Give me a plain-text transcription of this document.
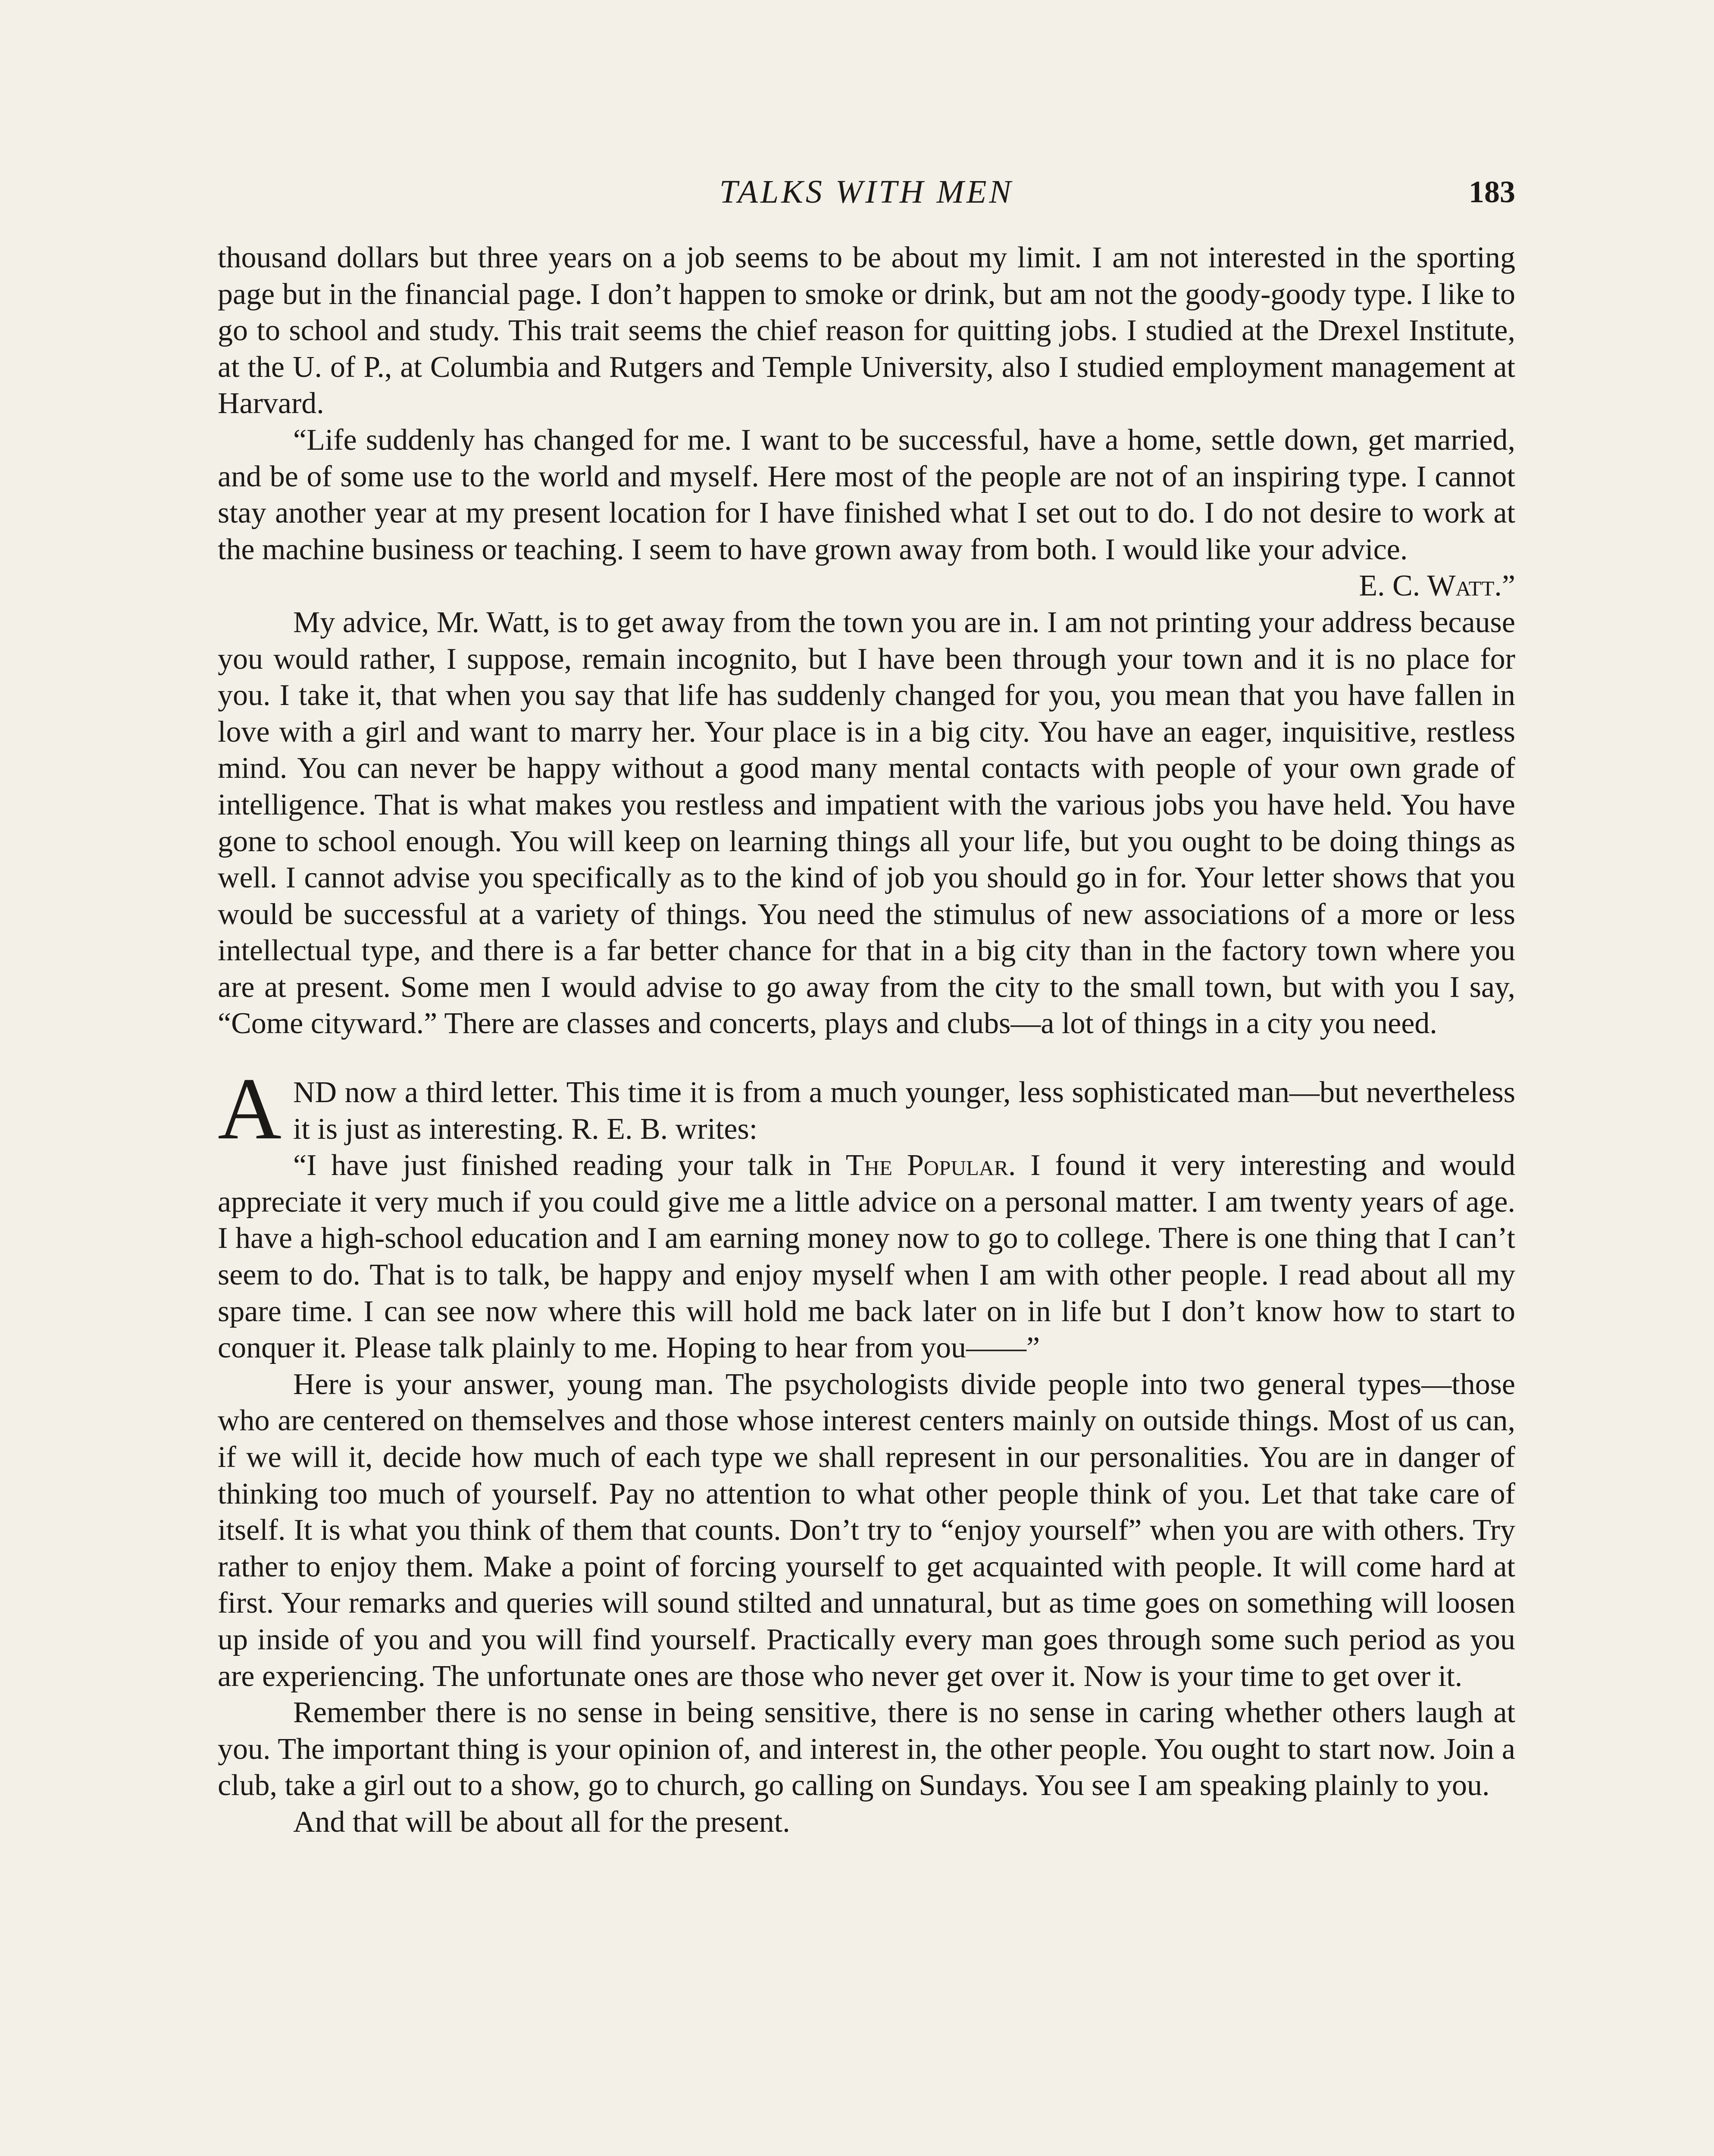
TALKS WITH MEN	183

thousand dollars but three years on a job seems to be about my limit. I am not interested in the sporting page but in the financial page. I don’t happen to smoke or drink, but am not the goody-goody type. I like to go to school and study. This trait seems the chief reason for quitting jobs. I studied at the Drexel Institute, at the U. of P., at Columbia and Rutgers and Temple University, also I studied employment management at Harvard.

“Life suddenly has changed for me. I want to be successful, have a home, settle down, get married, and be of some use to the world and myself. Here most of the people are not of an inspiring type. I cannot stay another year at my present location for I have finished what I set out to do. I do not desire to work at the machine business or teaching. I seem to have grown away from both. I would like your advice.
E. C. Watt.”

My advice, Mr. Watt, is to get away from the town you are in. I am not printing your address because you would rather, I suppose, remain incognito, but I have been through your town and it is no place for you. I take it, that when you say that life has suddenly changed for you, you mean that you have fallen in love with a girl and want to marry her. Your place is in a big city. You have an eager, inquisitive, restless mind. You can never be happy without a good many mental contacts with people of your own grade of intelligence. That is what makes you restless and impatient with the various jobs you have held. You have gone to school enough. You will keep on learning things all your life, but you ought to be doing things as well. I cannot advise you specifically as to the kind of job you should go in for. Your letter shows that you would be successful at a variety of things. You need the stimulus of new associations of a more or less intellectual type, and there is a far better chance for that in a big city than in the factory town where you are at present. Some men I would advise to go away from the city to the small town, but with you I say, “Come cityward.” There are classes and concerts, plays and clubs—a lot of things in a city you need.

A ND now a third letter. This time it is from a much younger, less sophisticated man—but nevertheless it is just as interesting. R. E. B. writes:

“I have just finished reading your talk in The Popular. I found it very interesting and would appreciate it very much if you could give me a little advice on a personal matter. I am twenty years of age. I have a high-school education and I am earning money now to go to college. There is one thing that I can’t seem to do. That is to talk, be happy and enjoy myself when I am with other people. I read about all my spare time. I can see now where this will hold me back later on in life but I don’t know how to start to conquer it. Please talk plainly to me. Hoping to hear from you——”

Here is your answer, young man. The psychologists divide people into two general types—those who are centered on themselves and those whose interest centers mainly on outside things. Most of us can, if we will it, decide how much of each type we shall represent in our personalities. You are in danger of thinking too much of yourself. Pay no attention to what other people think of you. Let that take care of itself. It is what you think of them that counts. Don’t try to “enjoy yourself” when you are with others. Try rather to enjoy them. Make a point of forcing yourself to get acquainted with people. It will come hard at first. Your remarks and queries will sound stilted and unnatural, but as time goes on something will loosen up inside of you and you will find yourself. Practically every man goes through some such period as you are experiencing. The unfortunate ones are those who never get over it. Now is your time to get over it.

Remember there is no sense in being sensitive, there is no sense in caring whether others laugh at you. The important thing is your opinion of, and interest in, the other people. You ought to start now. Join a club, take a girl out to a show, go to church, go calling on Sundays. You see I am speaking plainly to you.

And that will be about all for the present.
